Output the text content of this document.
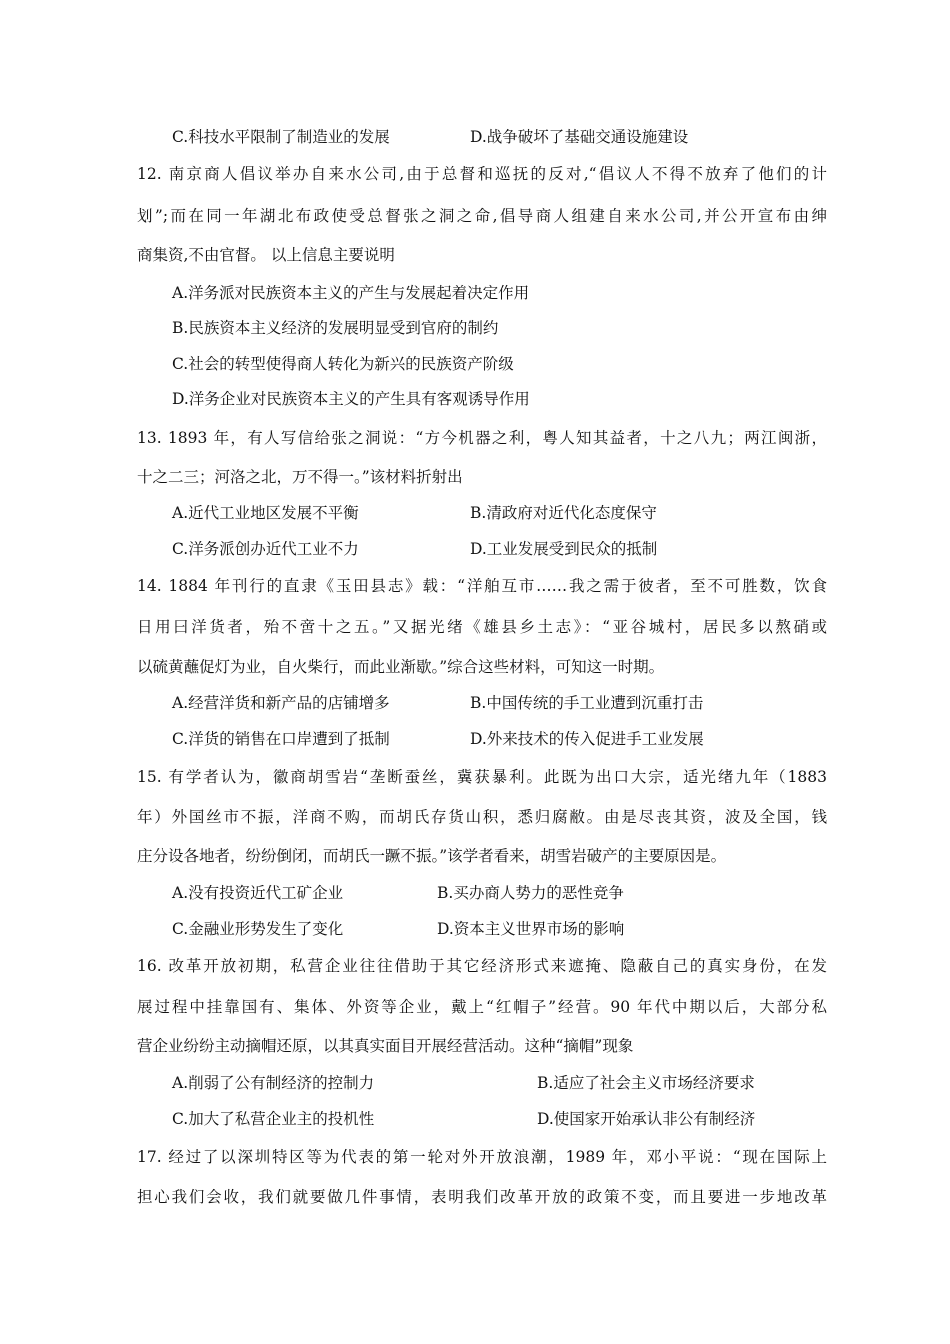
C.科技水平限制了制造业的发展	D.战争破坏了基础交通设施建设
12. 南京商人倡议举办自来水公司,由于总督和巡抚的反对,“倡议人不得不放弃了他们的计
划”;而在同一年湖北布政使受总督张之洞之命,倡导商人组建自来水公司,并公开宣布由绅
商集资,不由官督。 以上信息主要说明
A.洋务派对民族资本主义的产生与发展起着决定作用
B.民族资本主义经济的发展明显受到官府的制约
C.社会的转型使得商人转化为新兴的民族资产阶级
D.洋务企业对民族资本主义的产生具有客观诱导作用
13. 1893 年，有人写信给张之洞说：“方今机器之利，粤人知其益者，十之八九；两江闽浙，
十之二三；河洛之北，万不得一。”该材料折射出
A.近代工业地区发展不平衡	B.清政府对近代化态度保守
C.洋务派创办近代工业不力	D.工业发展受到民众的抵制
14. 1884 年刊行的直隶《玉田县志》载：“洋舶互市……我之需于彼者，至不可胜数，饮食
日用曰洋货者，殆不啻十之五。”又据光绪《雄县乡土志》：“亚谷城村，居民多以熬硝或
以硫黄蘸促灯为业，自火柴行，而此业渐歇。”综合这些材料，可知这一时期。
A.经营洋货和新产品的店铺增多	B.中国传统的手工业遭到沉重打击
C.洋货的销售在口岸遭到了抵制	D.外来技术的传入促进手工业发展
15. 有学者认为，徽商胡雪岩“垄断蚕丝，冀获暴利。此既为出口大宗，适光绪九年（1883
年）外国丝市不振，洋商不购，而胡氏存货山积，悉归腐敝。由是尽丧其资，波及全国，钱
庄分设各地者，纷纷倒闭，而胡氏一蹶不振。”该学者看来，胡雪岩破产的主要原因是。
A.没有投资近代工矿企业	B.买办商人势力的恶性竞争
C.金融业形势发生了变化	D.资本主义世界市场的影响
16. 改革开放初期，私营企业往往借助于其它经济形式来遮掩、隐蔽自己的真实身份，在发
展过程中挂靠国有、集体、外资等企业，戴上“红帽子”经营。90 年代中期以后，大部分私
营企业纷纷主动摘帽还原，以其真实面目开展经营活动。这种“摘帽”现象
A.削弱了公有制经济的控制力	B.适应了社会主义市场经济要求
C.加大了私营企业主的投机性	D.使国家开始承认非公有制经济
17. 经过了以深圳特区等为代表的第一轮对外开放浪潮，1989 年，邓小平说：“现在国际上
担心我们会收，我们就要做几件事情，表明我们改革开放的政策不变，而且要进一步地改革
